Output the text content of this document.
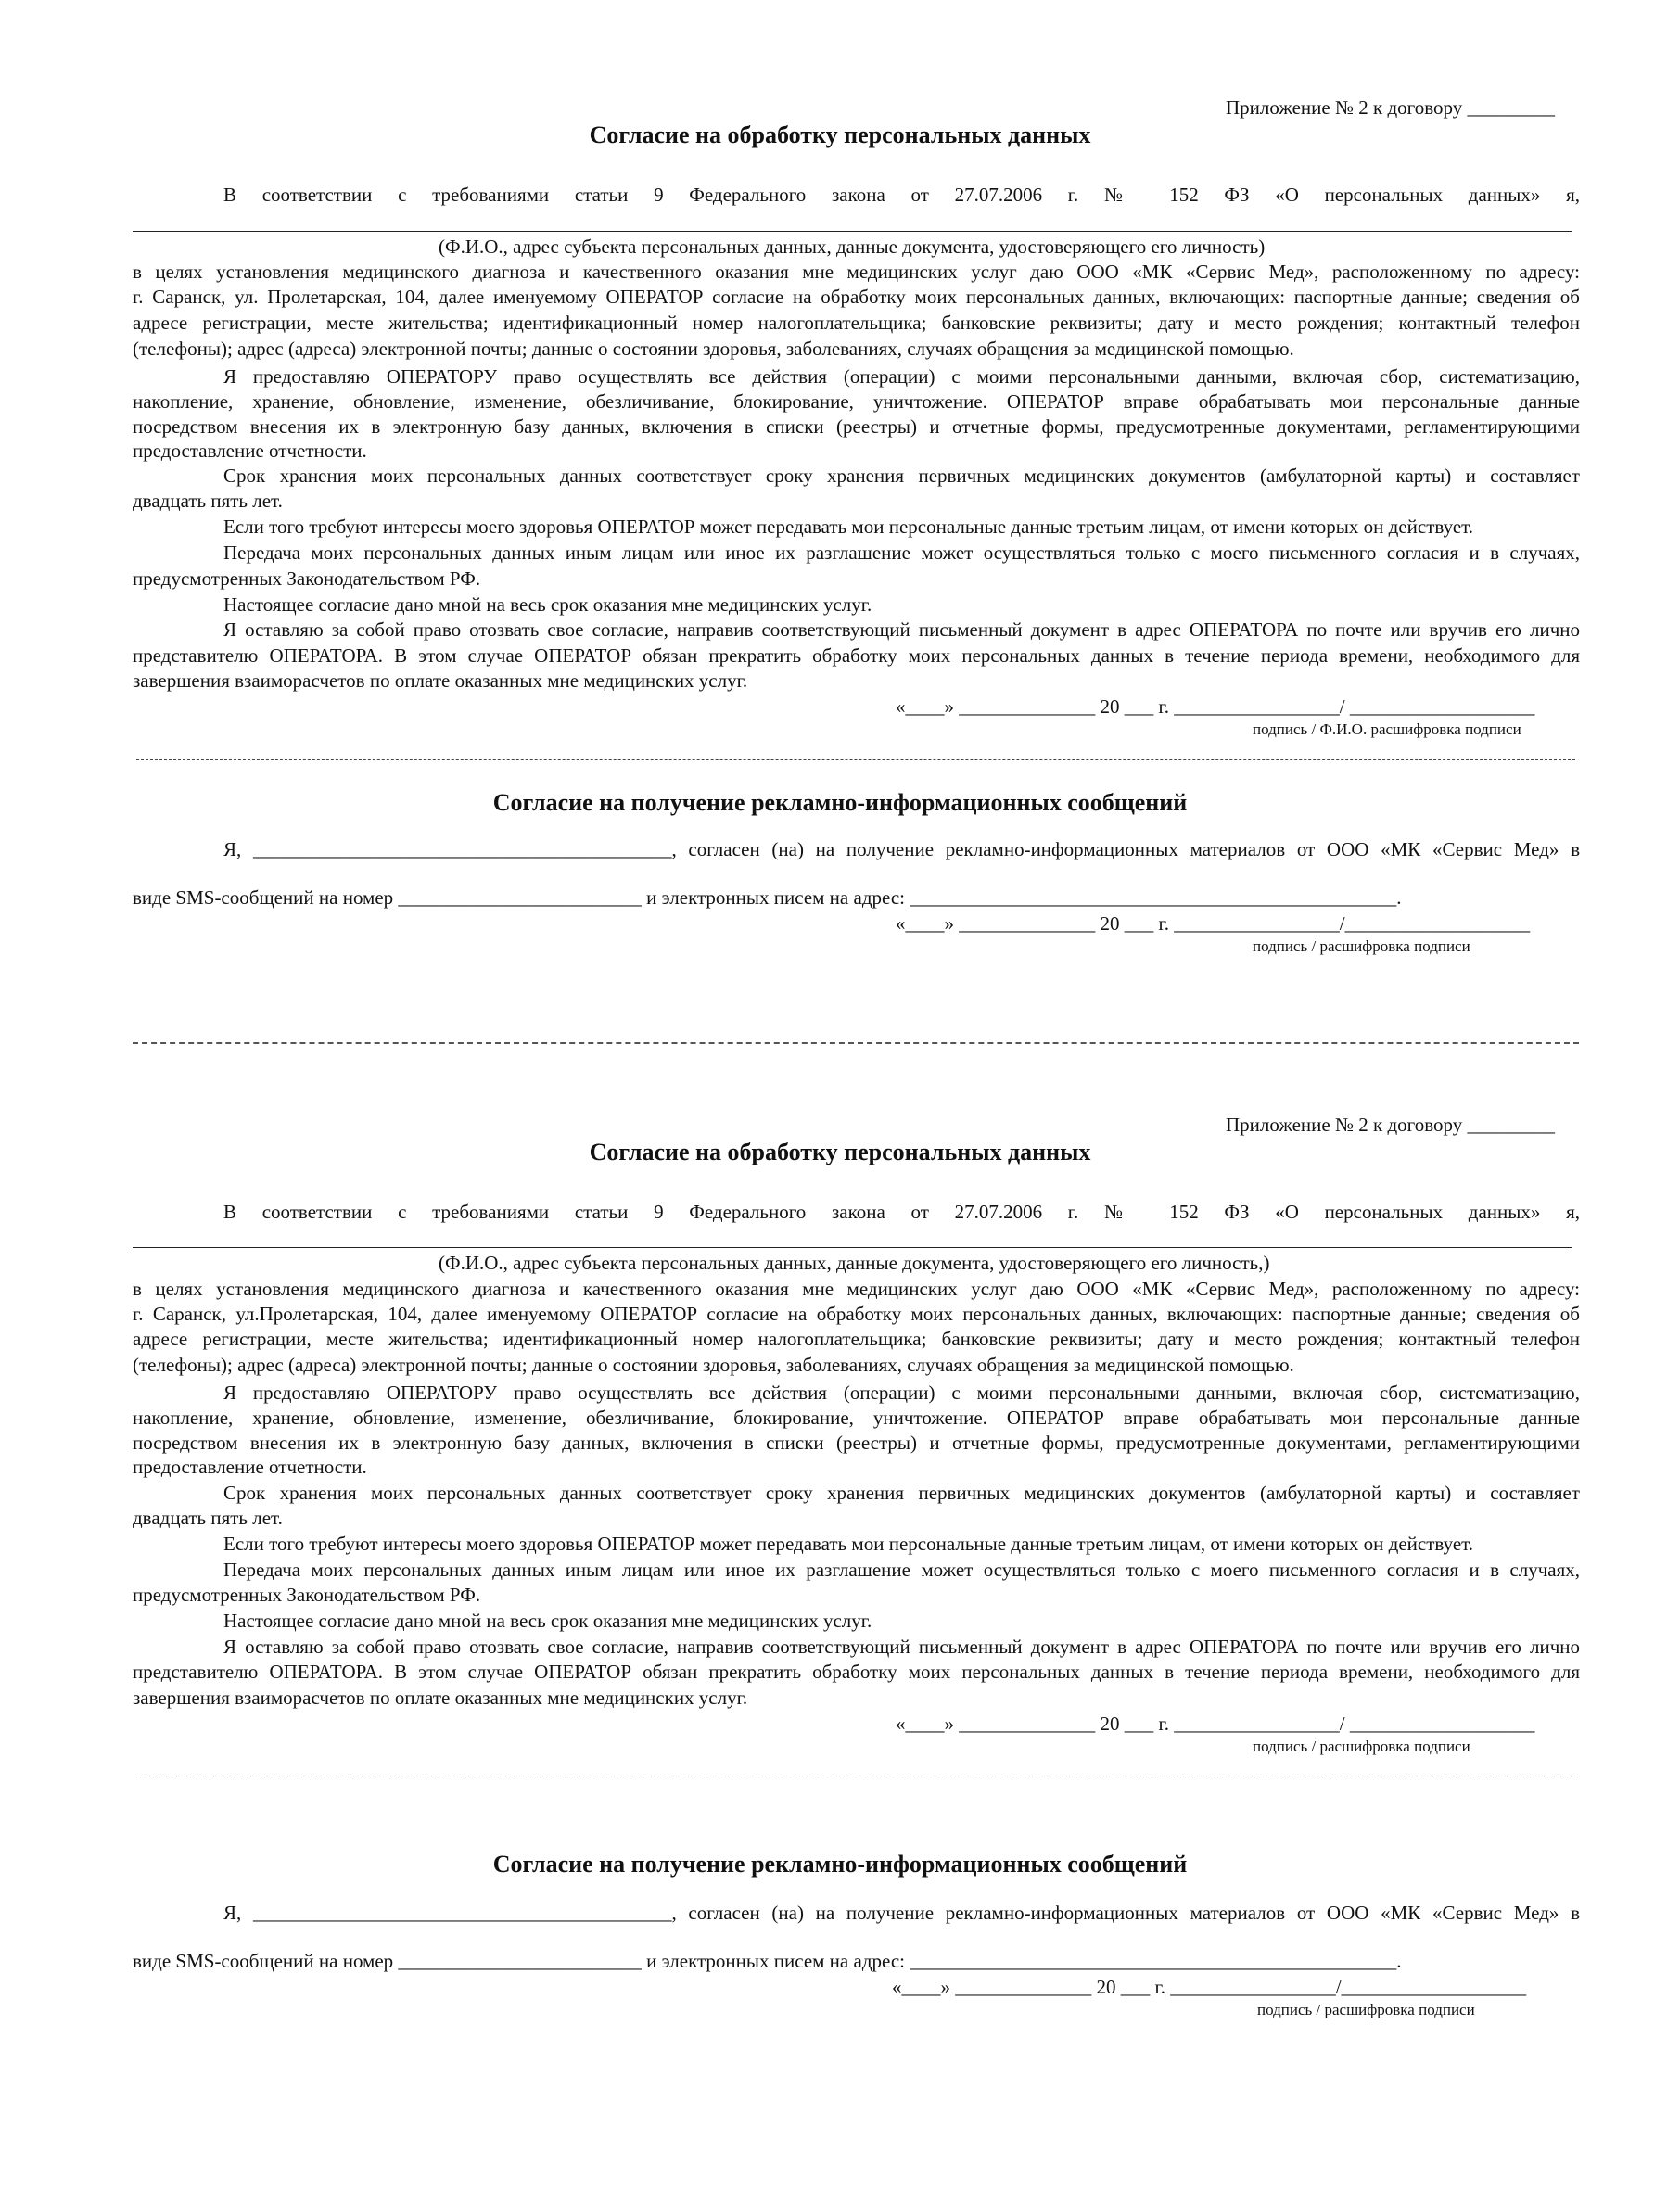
Приложение № 2 к договору _________
Согласие на обработку персональных данных
В соответствии с требованиями статьи 9 Федерального закона от 27.07.2006 г. № 152 ФЗ «О персональных данных» я,
(Ф.И.О., адрес субъекта персональных данных, данные документа, удостоверяющего его личность)
в целях установления медицинского диагноза и качественного оказания мне медицинских услуг даю ООО «МК «Сервис Мед», расположенному по адресу:
г. Саранск, ул. Пролетарская, 104, далее именуемому ОПЕРАТОР согласие на обработку моих персональных данных, включающих: паспортные данные; сведения об
адресе регистрации, месте жительства; идентификационный номер налогоплательщика; банковские реквизиты; дату и место рождения; контактный телефон
(телефоны); адрес (адреса) электронной почты; данные о состоянии здоровья, заболеваниях, случаях обращения за медицинской помощью.
Я предоставляю ОПЕРАТОРУ право осуществлять все действия (операции) с моими персональными данными, включая сбор, систематизацию,
накопление, хранение, обновление, изменение, обезличивание, блокирование, уничтожение. ОПЕРАТОР вправе обрабатывать мои персональные данные
посредством внесения их в электронную базу данных, включения в списки (реестры) и отчетные формы, предусмотренные документами, регламентирующими
предоставление отчетности.
Срок хранения моих персональных данных соответствует сроку хранения первичных медицинских документов (амбулаторной карты) и составляет
двадцать пять лет.
Если того требуют интересы моего здоровья ОПЕРАТОР может передавать мои персональные данные третьим лицам, от имени которых он действует.
Передача моих персональных данных иным лицам или иное их разглашение может осуществляться только с моего письменного согласия и в случаях,
предусмотренных Законодательством РФ.
Настоящее согласие дано мной на весь срок оказания мне медицинских услуг.
Я оставляю за собой право отозвать свое согласие, направив соответствующий письменный документ в адрес ОПЕРАТОРА по почте или вручив его лично
представителю ОПЕРАТОРА. В этом случае ОПЕРАТОР обязан прекратить обработку моих персональных данных в течение периода времени, необходимого для
завершения взаиморасчетов по оплате оказанных мне медицинских услуг.
«____» ______________ 20 ___ г. _________________/ ___________________
подпись / Ф.И.О. расшифровка подписи
Согласие на получение рекламно-информационных сообщений
Я, ___________________________________________, согласен (на) на получение рекламно-информационных материалов от ООО «МК «Сервис Мед» в
виде SMS-сообщений на номер _________________________ и электронных писем на адрес: __________________________________________________.
«____» ______________ 20 ___ г. _________________/___________________
подпись / расшифровка подписи
Приложение № 2 к договору _________
Согласие на обработку персональных данных
В соответствии с требованиями статьи 9 Федерального закона от 27.07.2006 г. № 152 ФЗ «О персональных данных» я,
(Ф.И.О., адрес субъекта персональных данных, данные документа, удостоверяющего его личность,)
в целях установления медицинского диагноза и качественного оказания мне медицинских услуг даю ООО «МК «Сервис Мед», расположенному по адресу:
г. Саранск, ул.Пролетарская, 104, далее именуемому ОПЕРАТОР согласие на обработку моих персональных данных, включающих: паспортные данные; сведения об
адресе регистрации, месте жительства; идентификационный номер налогоплательщика; банковские реквизиты; дату и место рождения; контактный телефон
(телефоны); адрес (адреса) электронной почты; данные о состоянии здоровья, заболеваниях, случаях обращения за медицинской помощью.
Я предоставляю ОПЕРАТОРУ право осуществлять все действия (операции) с моими персональными данными, включая сбор, систематизацию,
накопление, хранение, обновление, изменение, обезличивание, блокирование, уничтожение. ОПЕРАТОР вправе обрабатывать мои персональные данные
посредством внесения их в электронную базу данных, включения в списки (реестры) и отчетные формы, предусмотренные документами, регламентирующими
предоставление отчетности.
Срок хранения моих персональных данных соответствует сроку хранения первичных медицинских документов (амбулаторной карты) и составляет
двадцать пять лет.
Если того требуют интересы моего здоровья ОПЕРАТОР может передавать мои персональные данные третьим лицам, от имени которых он действует.
Передача моих персональных данных иным лицам или иное их разглашение может осуществляться только с моего письменного согласия и в случаях,
предусмотренных Законодательством РФ.
Настоящее согласие дано мной на весь срок оказания мне медицинских услуг.
Я оставляю за собой право отозвать свое согласие, направив соответствующий письменный документ в адрес ОПЕРАТОРА по почте или вручив его лично
представителю ОПЕРАТОРА. В этом случае ОПЕРАТОР обязан прекратить обработку моих персональных данных в течение периода времени, необходимого для
завершения взаиморасчетов по оплате оказанных мне медицинских услуг.
«____» ______________ 20 ___ г. _________________/ ___________________
подпись / расшифровка подписи
Согласие на получение рекламно-информационных сообщений
Я, ___________________________________________, согласен (на) на получение рекламно-информационных материалов от ООО «МК «Сервис Мед» в
виде SMS-сообщений на номер _________________________ и электронных писем на адрес: __________________________________________________.
«____» ______________ 20 ___ г. _________________/___________________
подпись / расшифровка подписи
